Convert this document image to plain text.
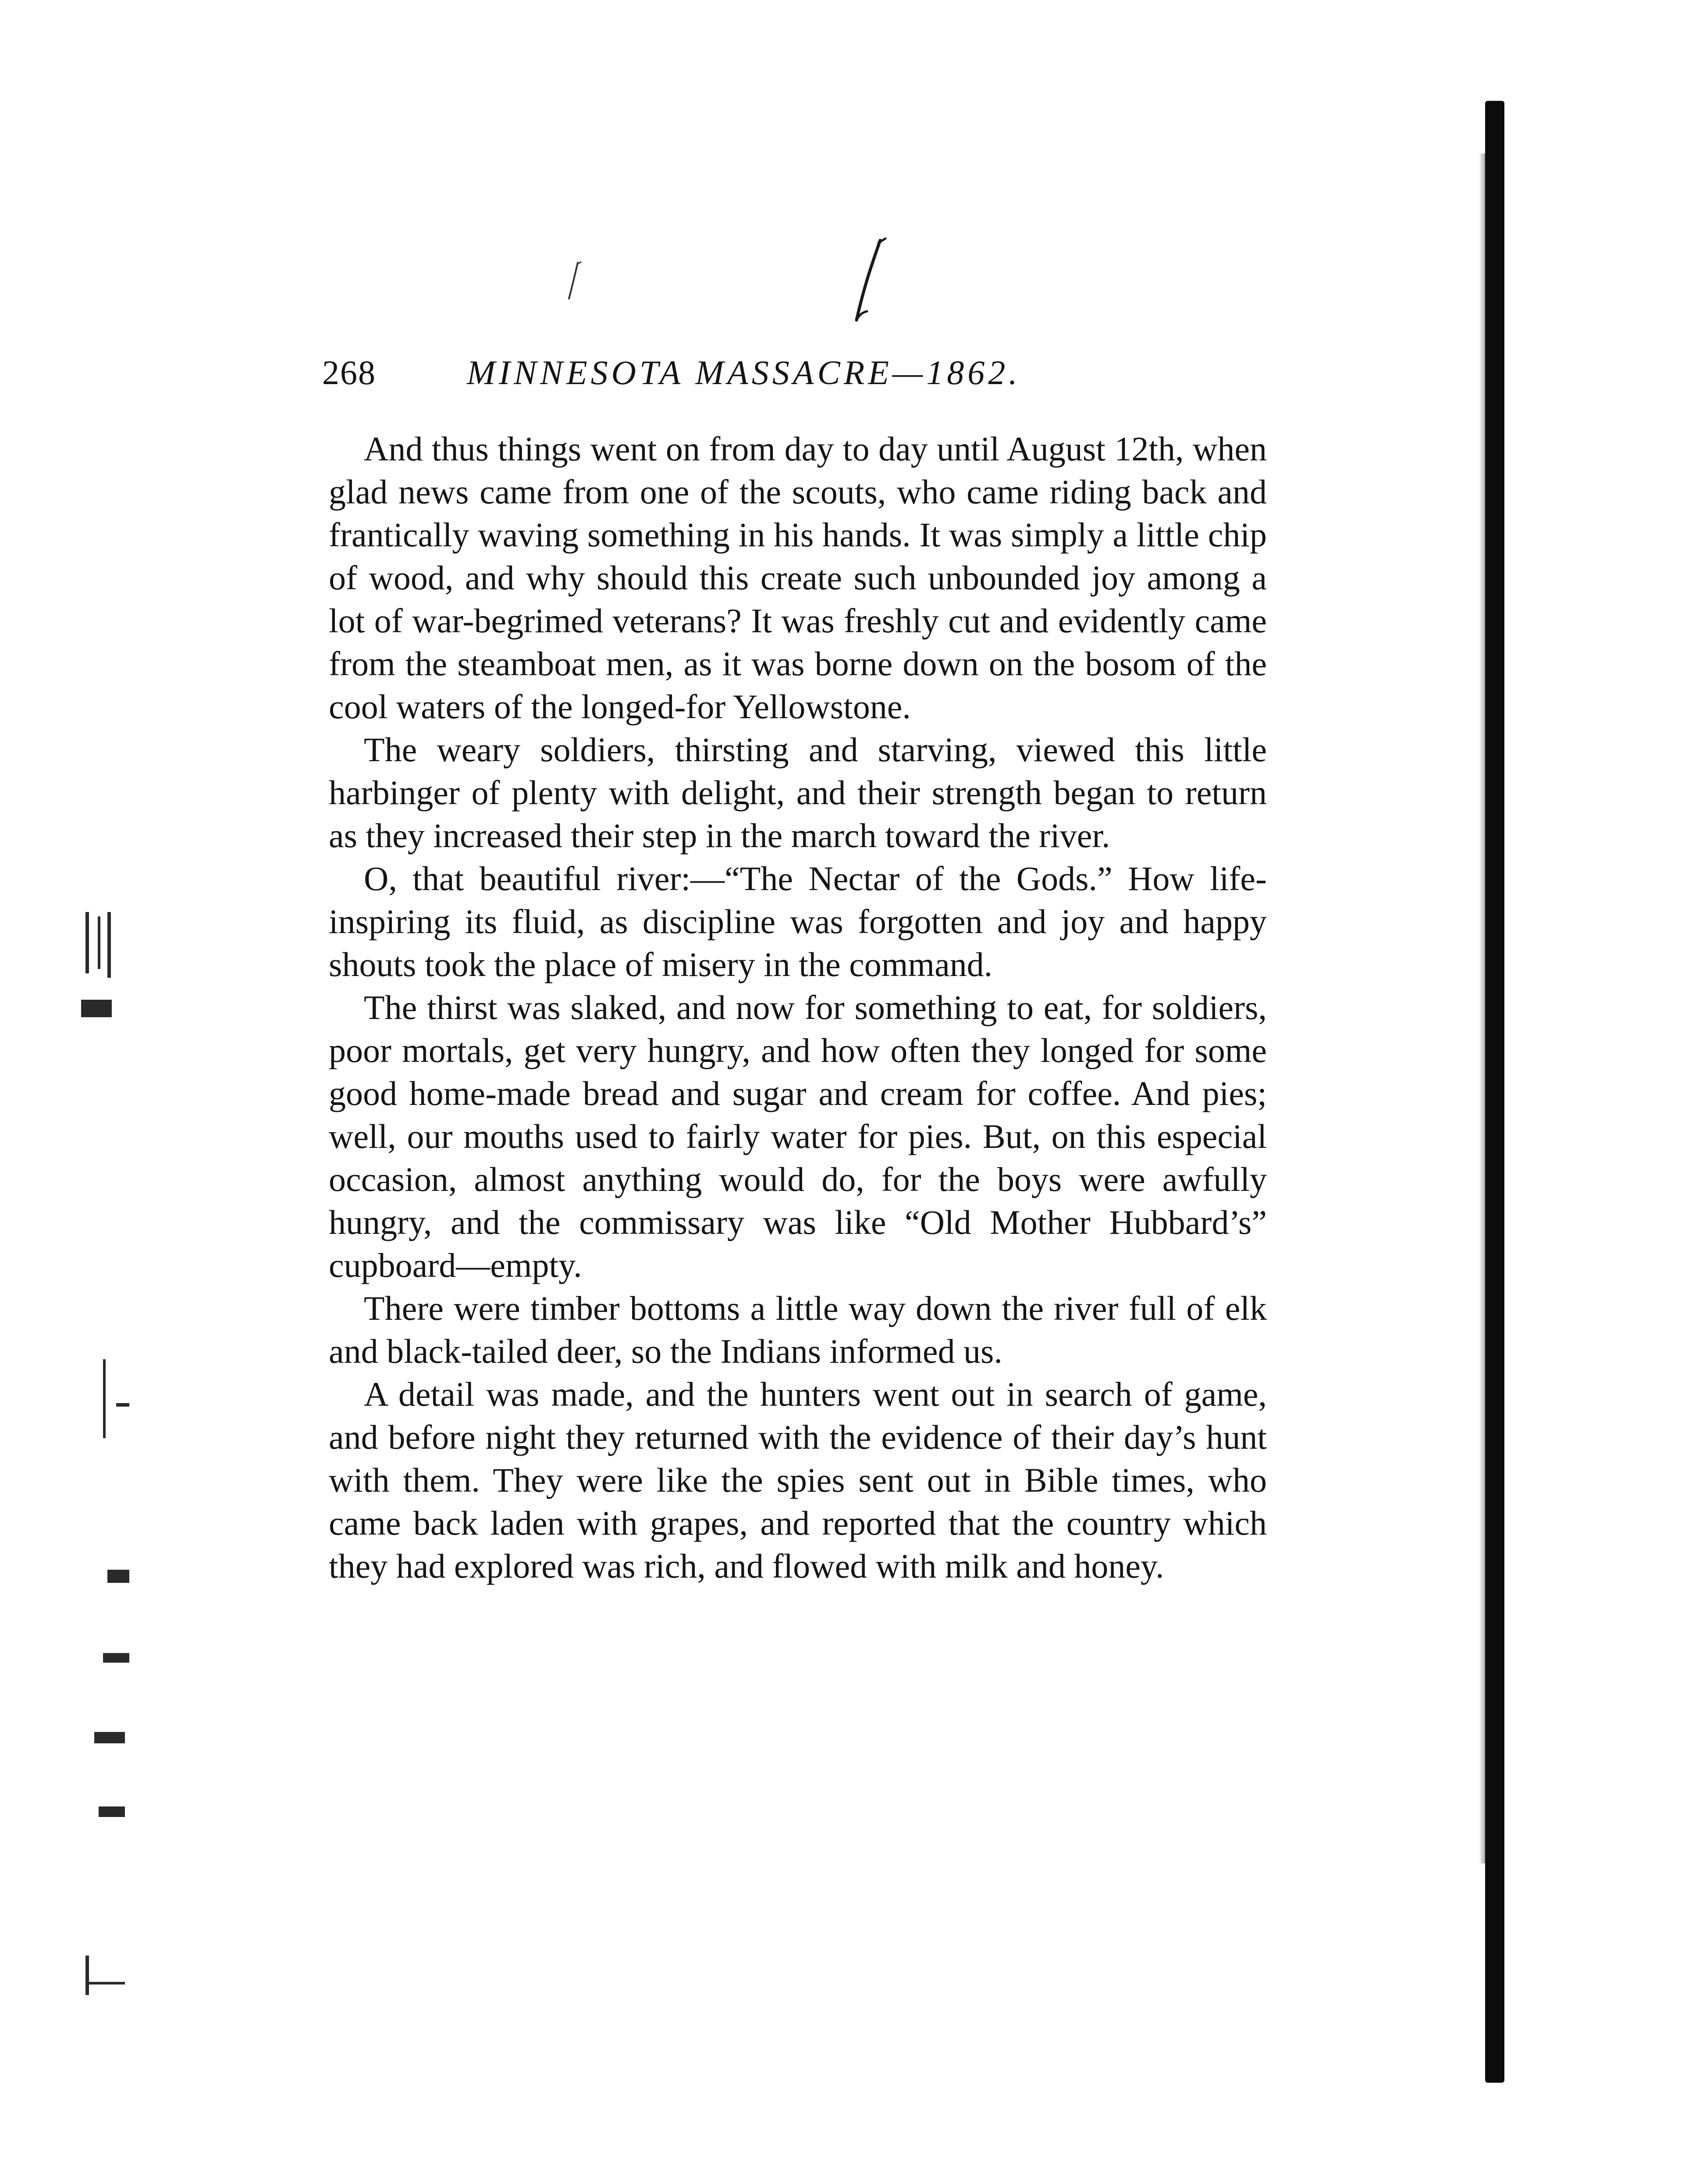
268	MINNESOTA MASSACRE—1862.

And thus things went on from day to day until August 12th, when glad news came from one of the scouts, who came riding back and frantically waving something in his hands. It was simply a little chip of wood, and why should this create such unbounded joy among a lot of war-begrimed veterans? It was freshly cut and evidently came from the steamboat men, as it was borne down on the bosom of the cool waters of the longed-for Yellowstone.

The weary soldiers, thirsting and starving, viewed this little harbinger of plenty with delight, and their strength began to return as they increased their step in the march toward the river.

O, that beautiful river:—“The Nectar of the Gods.” How life-inspiring its fluid, as discipline was forgotten and joy and happy shouts took the place of misery in the command.

The thirst was slaked, and now for something to eat, for soldiers, poor mortals, get very hungry, and how often they longed for some good home-made bread and sugar and cream for coffee. And pies; well, our mouths used to fairly water for pies. But, on this especial occasion, almost anything would do, for the boys were awfully hungry, and the commissary was like “Old Mother Hubbard’s” cupboard—empty.

There were timber bottoms a little way down the river full of elk and black-tailed deer, so the Indians informed us.

A detail was made, and the hunters went out in search of game, and before night they returned with the evidence of their day’s hunt with them. They were like the spies sent out in Bible times, who came back laden with grapes, and reported that the country which they had explored was rich, and flowed with milk and honey.
